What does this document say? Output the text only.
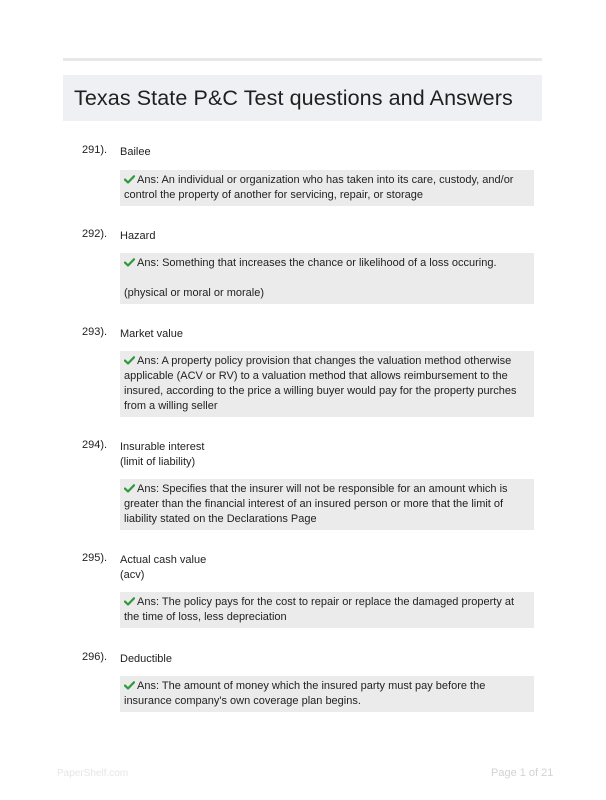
Texas State P&C Test questions and Answers
291). Bailee

Ans: An individual or organization who has taken into its care, custody, and/or control the property of another for servicing, repair, or storage

292). Hazard

Ans: Something that increases the chance or likelihood of a loss occuring.

(physical or moral or morale)

293). Market value

Ans: A property policy provision that changes the valuation method otherwise applicable (ACV or RV) to a valuation method that allows reimbursement to the insured, according to the price a willing buyer would pay for the property purches from a willing seller

294). Insurable interest
(limit of liability)

Ans: Specifies that the insurer will not be responsible for an amount which is greater than the financial interest of an insured person or more that the limit of liability stated on the Declarations Page

295). Actual cash value
(acv)

Ans: The policy pays for the cost to repair or replace the damaged property at the time of loss, less depreciation

296). Deductible

Ans: The amount of money which the insured party must pay before the insurance company's own coverage plan begins.

PaperShelf.com	Page 1 of 21
